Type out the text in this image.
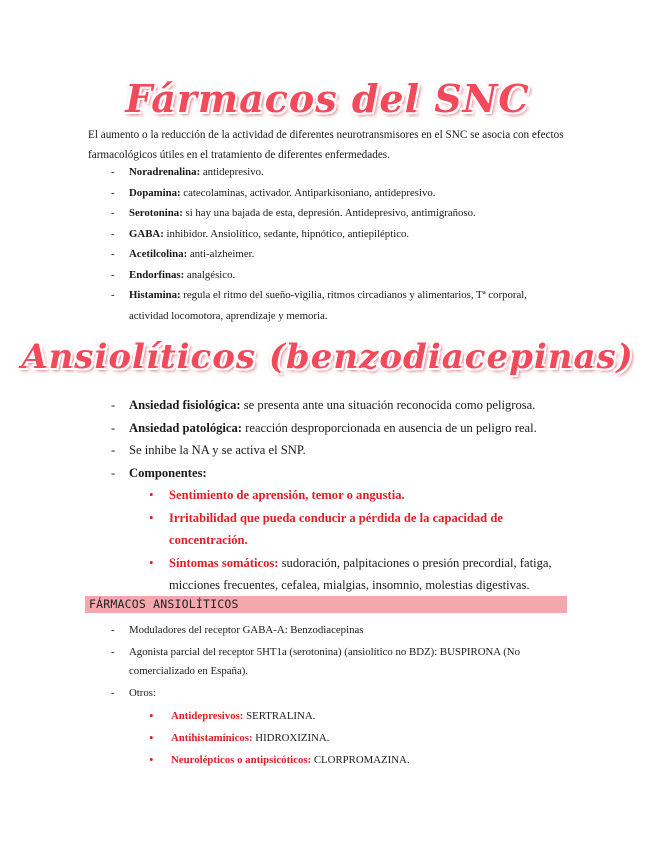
Fármacos del SNC

El aumento o la reducción de la actividad de diferentes neurotransmisores en el SNC se asocia con efectos farmacológicos útiles en el tratamiento de diferentes enfermedades.

- Noradrenalina: antidepresivo.
- Dopamina: catecolaminas, activador. Antiparkisoniano, antidepresivo.
- Serotonina: si hay una bajada de esta, depresión. Antidepresivo, antimigrañoso.
- GABA: inhibidor. Ansiolítico, sedante, hipnótico, antiepiléptico.
- Acetilcolina: anti-alzheimer.
- Endorfinas: analgésico.
- Histamina: regula el ritmo del sueño-vigilia, ritmos circadianos y alimentarios, Tª corporal, actividad locomotora, aprendizaje y memoria.
Ansiolíticos (benzodiacepinas)
- Ansiedad fisiológica: se presenta ante una situación reconocida como peligrosa.
- Ansiedad patológica: reacción desproporcionada en ausencia de un peligro real.
- Se inhibe la NA y se activa el SNP.
- Componentes:
• Sentimiento de aprensión, temor o angustia.
• Irritabilidad que pueda conducir a pérdida de la capacidad de concentración.
• Síntomas somáticos: sudoración, palpitaciones o presión precordial, fatiga, micciones frecuentes, cefalea, mialgias, insomnio, molestias digestivas.
FÁRMACOS ANSIOLÍTICOS
- Moduladores del receptor GABA-A: Benzodiacepinas
- Agonista parcial del receptor 5HT1a (serotonina) (ansiolítico no BDZ): BUSPIRONA (No comercializado en España).
- Otros:
• Antidepresivos: SERTRALINA.
• Antihistamínicos: HIDROXIZINA.
• Neurolépticos o antipsicóticos: CLORPROMAZINA.
